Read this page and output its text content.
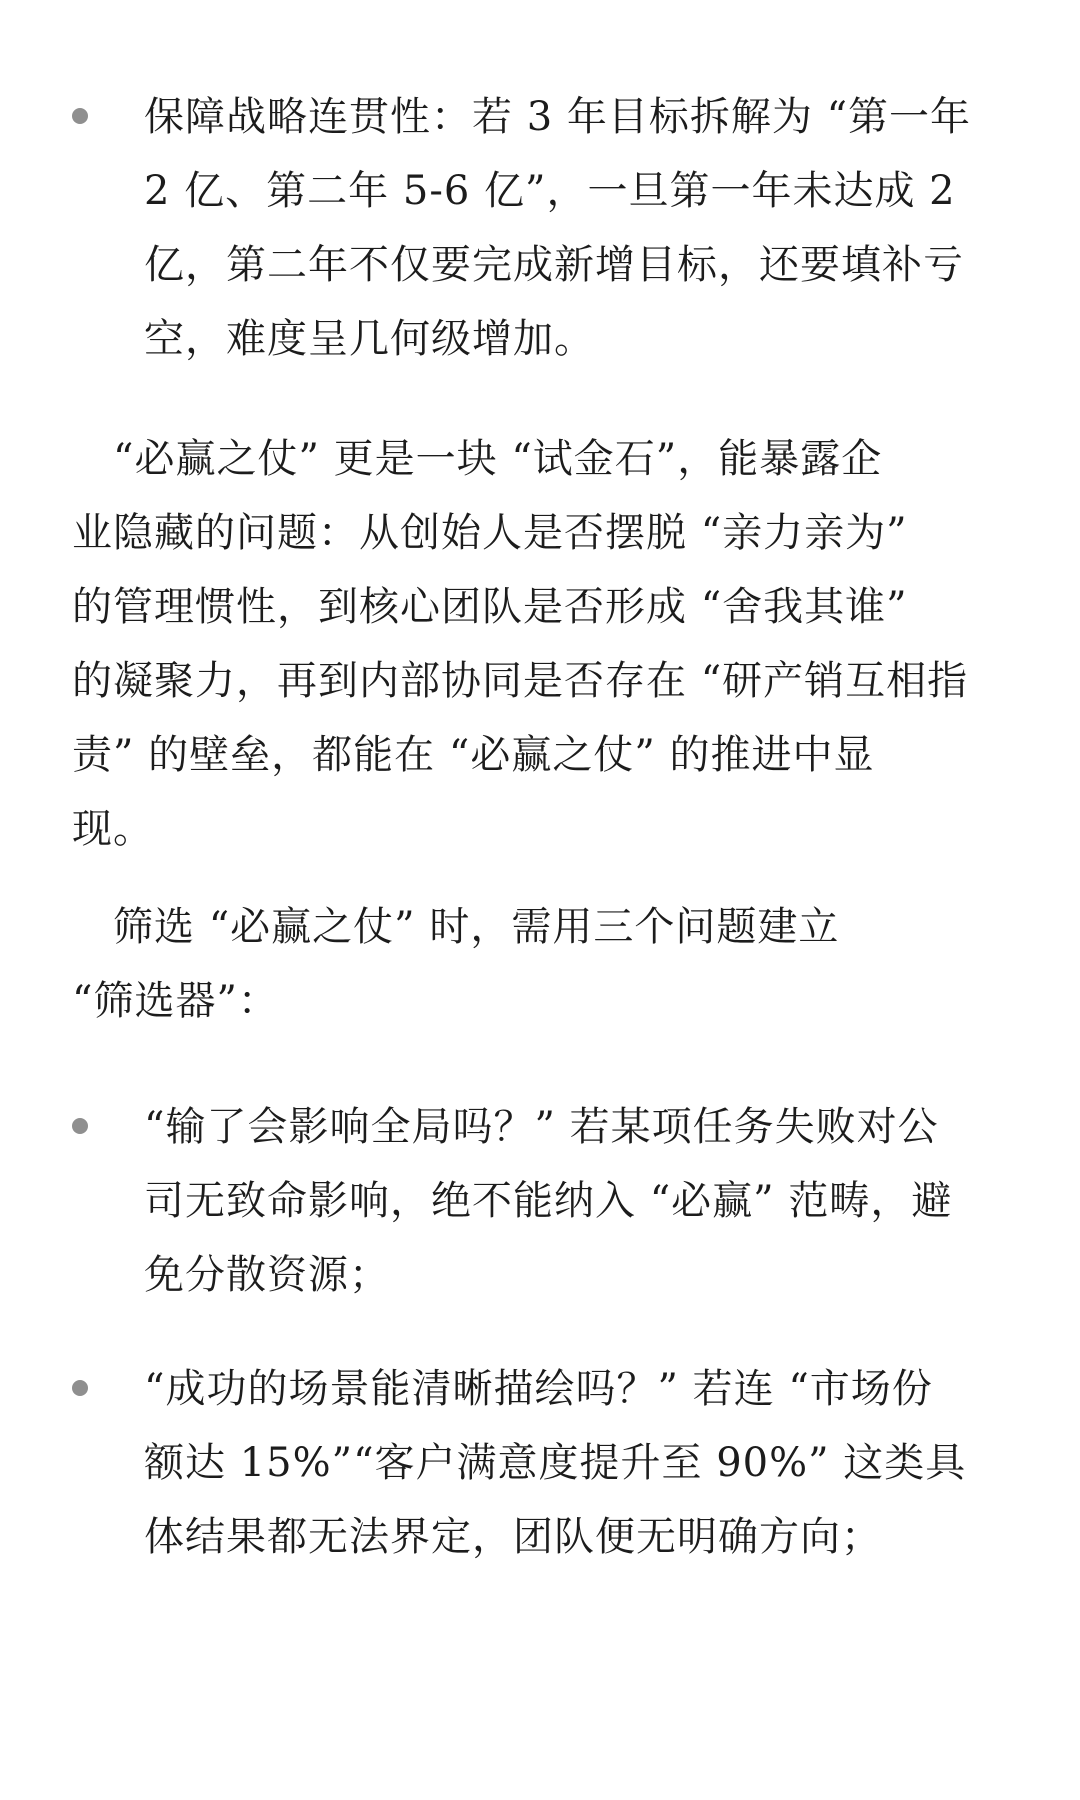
保障战略连贯性：若 3 年目标拆解为 “第一年
2 亿、第二年 5-6 亿”，一旦第一年未达成 2
亿，第二年不仅要完成新增目标，还要填补亏
空，难度呈几何级增加。

　“必赢之仗” 更是一块 “试金石”，能暴露企
业隐藏的问题：从创始人是否摆脱 “亲力亲为”
的管理惯性，到核心团队是否形成 “舍我其谁”
的凝聚力，再到内部协同是否存在 “研产销互相指
责” 的壁垒，都能在 “必赢之仗” 的推进中显
现。

　筛选 “必赢之仗” 时，需用三个问题建立
“筛选器”：

“输了会影响全局吗？” 若某项任务失败对公
司无致命影响，绝不能纳入 “必赢” 范畴，避
免分散资源；

“成功的场景能清晰描绘吗？” 若连 “市场份
额达 15%”“客户满意度提升至 90%” 这类具
体结果都无法界定，团队便无明确方向；
